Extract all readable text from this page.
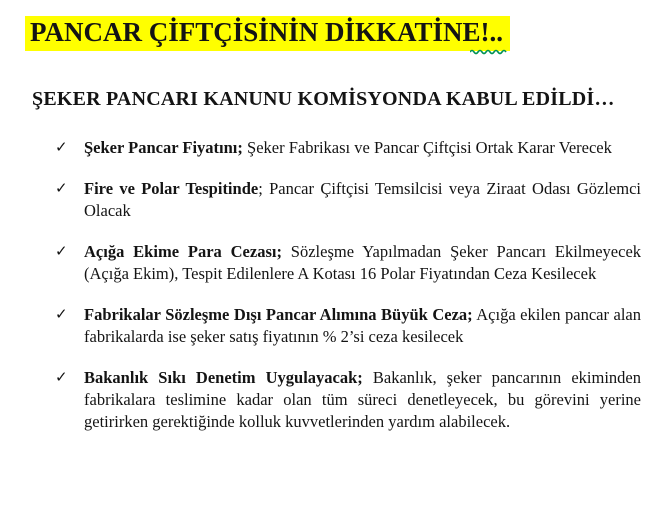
PANCAR ÇİFTÇİSİNİN DİKKATİNE!..
ŞEKER PANCARI KANUNU KOMİSYONDA KABUL EDİLDİ…
✓ Şeker Pancar Fiyatını; Şeker Fabrikası ve Pancar Çiftçisi Ortak Karar Verecek
✓ Fire ve Polar Tespitinde; Pancar Çiftçisi Temsilcisi veya Ziraat Odası Gözlemci Olacak
✓ Açığa Ekime Para Cezası; Sözleşme Yapılmadan Şeker Pancarı Ekilmeyecek (Açığa Ekim), Tespit Edilenlere A Kotası 16 Polar Fiyatından Ceza Kesilecek
✓ Fabrikalar Sözleşme Dışı Pancar Alımına Büyük Ceza; Açığa ekilen pancar alan fabrikalarda ise şeker satış fiyatının % 2’si ceza kesilecek
✓ Bakanlık Sıkı Denetim Uygulayacak; Bakanlık, şeker pancarının ekiminden fabrikalara teslimine kadar olan tüm süreci denetleyecek, bu görevini yerine getirirken gerektiğinde kolluk kuvvetlerinden yardım alabilecek.
